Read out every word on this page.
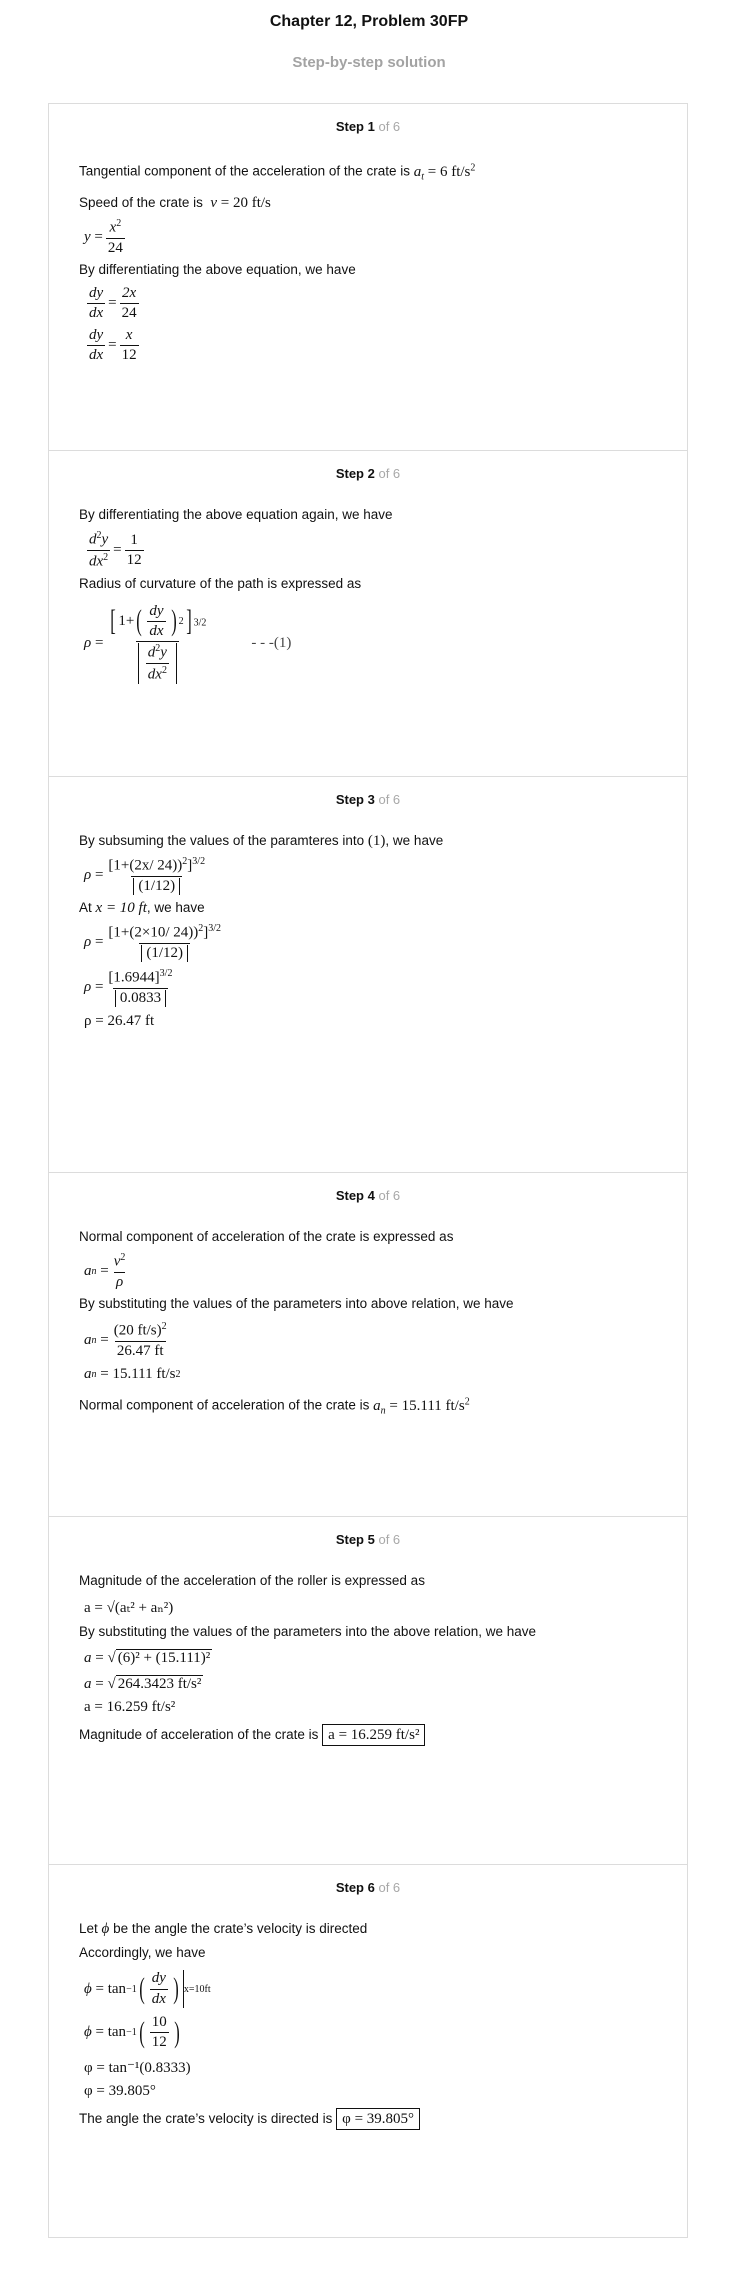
Chapter 12, Problem 30FP
Step-by-step solution
Step 1 of 6
Tangential component of the acceleration of the crate is $a_t = 6$ $ft/s^2$
Speed of the crate is v = 20 ft/s
$y = \frac{x^2}{24}$
By differentiating the above equation, we have
$\frac{dy}{dx} = \frac{2x}{24}$
$\frac{dy}{dx} = \frac{x}{12}$
Step 2 of 6
By differentiating the above equation again, we have
$\frac{d^2y}{dx^2} = \frac{1}{12}$
Radius of curvature of the path is expressed as
$\rho = \frac{[ 1+ ( \frac{dy}{dx} ) 2 ] ^{3/2}}{\frac{d^2y}{dx^2}}$	- - -(1)
Step 3 of 6
By subsuming the values of the paramteres into (1), we have
$\rho = \frac{[1+(2x/ 24))^2]^{3/2}}{(1/12)}$
At x = 10 ft, we have
$\rho = \frac{[1+(2\times 10/ 24))^2]^{3/2}}{(1/12)}$
$\rho = \frac{[1.6944]^{3/2}}{0.0833}$
ρ = 26.47 ft
Step 4 of 6
Normal component of acceleration of the crate is expressed as
a $n = \frac{v^2}{\rho}$
By substituting the values of the parameters into above relation, we have
a $n = \frac{(20 ft/s)^2}{26.47 ft}$
a n
= 15.111 ft/s 2
Normal component of acceleration of the crate is $a_n = 15.111$ $ft/s^2$
Step 5 of 6
Magnitude of the acceleration of the roller is expressed as
a = √(aₜ² + aₙ²)
By substituting the values of the parameters into the above relation, we have
a = √ (6)² + (15.111)²
a = √ 264.3423 ft/s²
a = 16.259 ft/s²
Magnitude of acceleration of the crate is a = 16.259 ft/s²
Step 6 of 6
Let ϕ be the angle the crate’s velocity is directed
Accordingly, we have
ϕ = tan −1 ( $\frac{dy}{dx}$ ) x=10ft
ϕ = tan −1 ( $\frac{10}{12}$ )
φ = tan⁻¹(0.8333)
φ = 39.805°
The angle the crate’s velocity is directed is φ = 39.805°
